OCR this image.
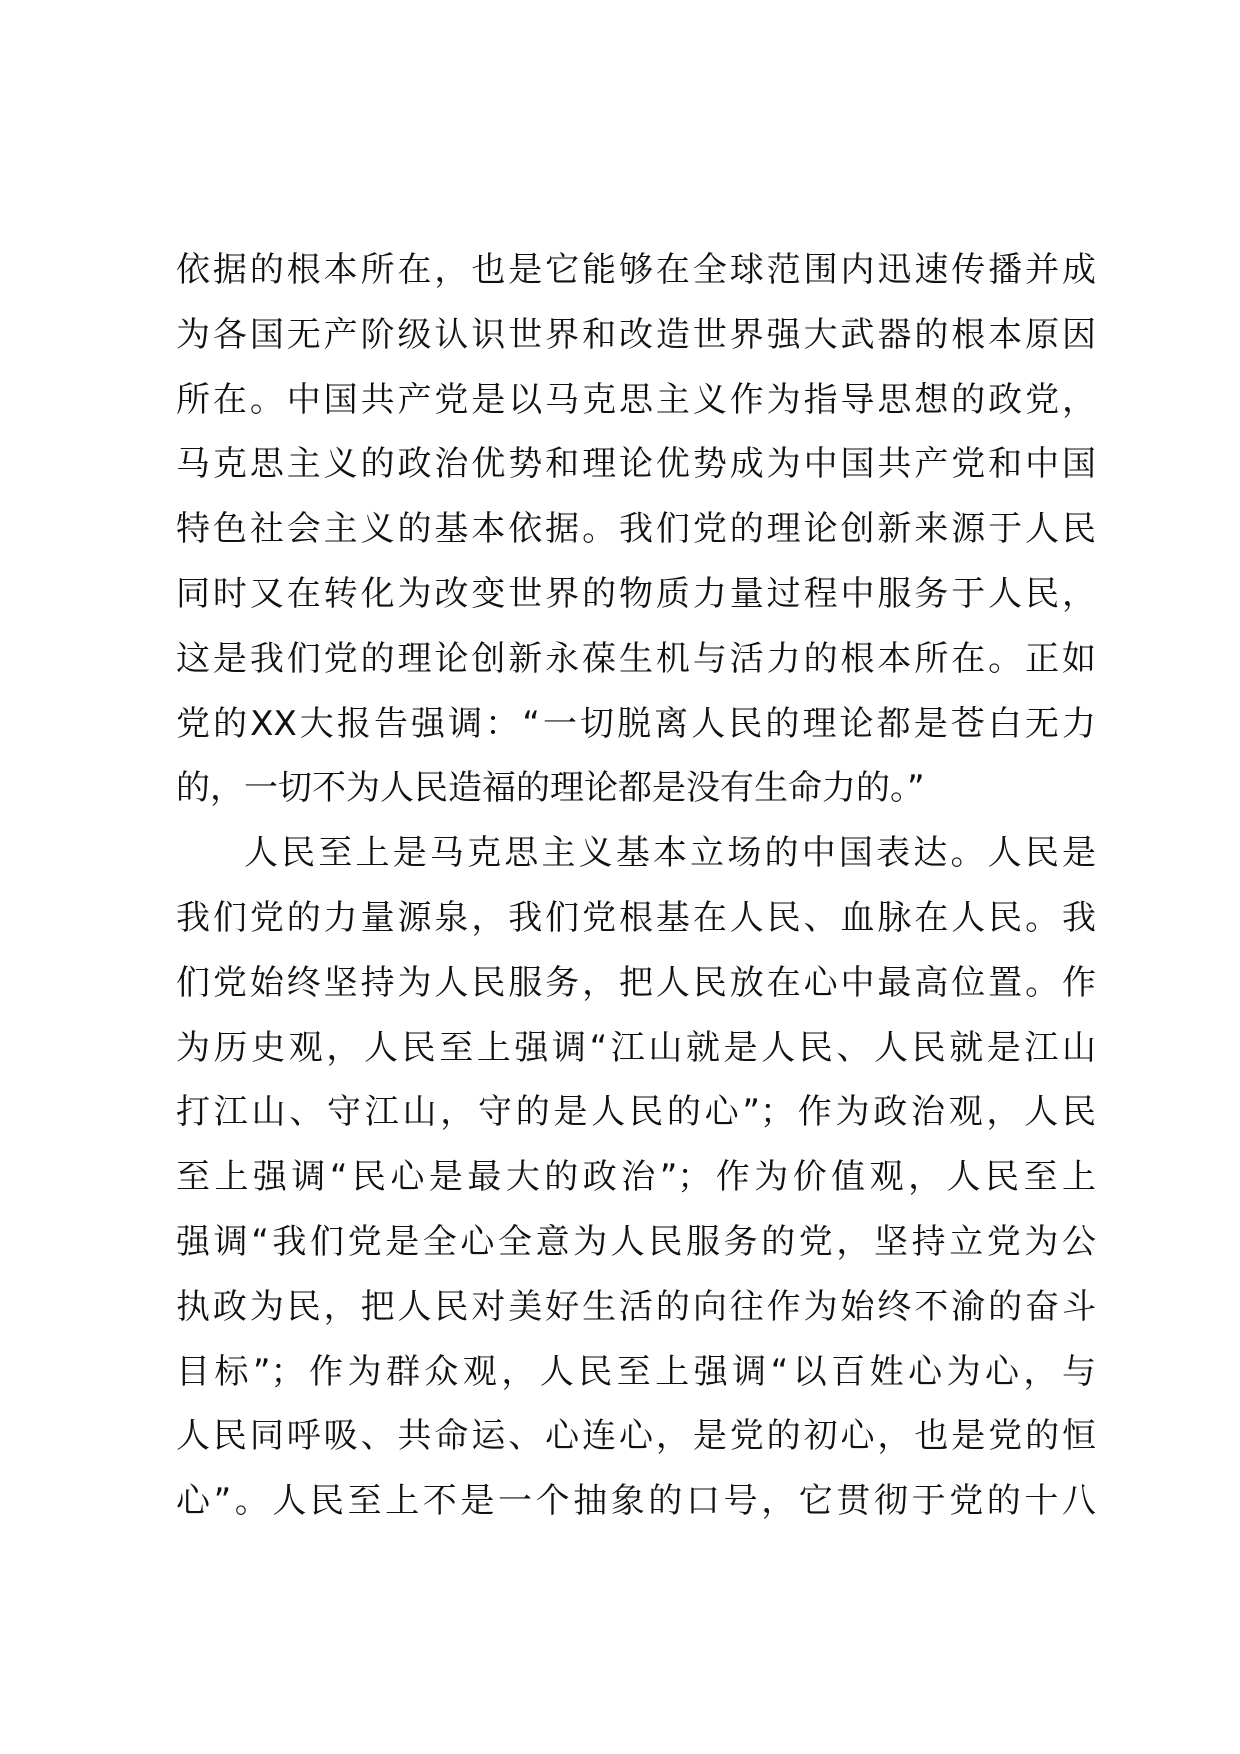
依据的根本所在，也是它能够在全球范围内迅速传播并成
为各国无产阶级认识世界和改造世界强大武器的根本原因
所在。中国共产党是以马克思主义作为指导思想的政党，
马克思主义的政治优势和理论优势成为中国共产党和中国
特色社会主义的基本依据。我们党的理论创新来源于人民
同时又在转化为改变世界的物质力量过程中服务于人民，
这是我们党的理论创新永葆生机与活力的根本所在。正如
党的XX大报告强调：“一切脱离人民的理论都是苍白无力
的，一切不为人民造福的理论都是没有生命力的。”
人民至上是马克思主义基本立场的中国表达。人民是
我们党的力量源泉，我们党根基在人民、血脉在人民。我
们党始终坚持为人民服务，把人民放在心中最高位置。作
为历史观，人民至上强调“江山就是人民、人民就是江山
打江山、守江山，守的是人民的心”；作为政治观，人民
至上强调“民心是最大的政治”；作为价值观，人民至上
强调“我们党是全心全意为人民服务的党，坚持立党为公
执政为民，把人民对美好生活的向往作为始终不渝的奋斗
目标”；作为群众观，人民至上强调“以百姓心为心，与
人民同呼吸、共命运、心连心，是党的初心，也是党的恒
心”。人民至上不是一个抽象的口号，它贯彻于党的十八
